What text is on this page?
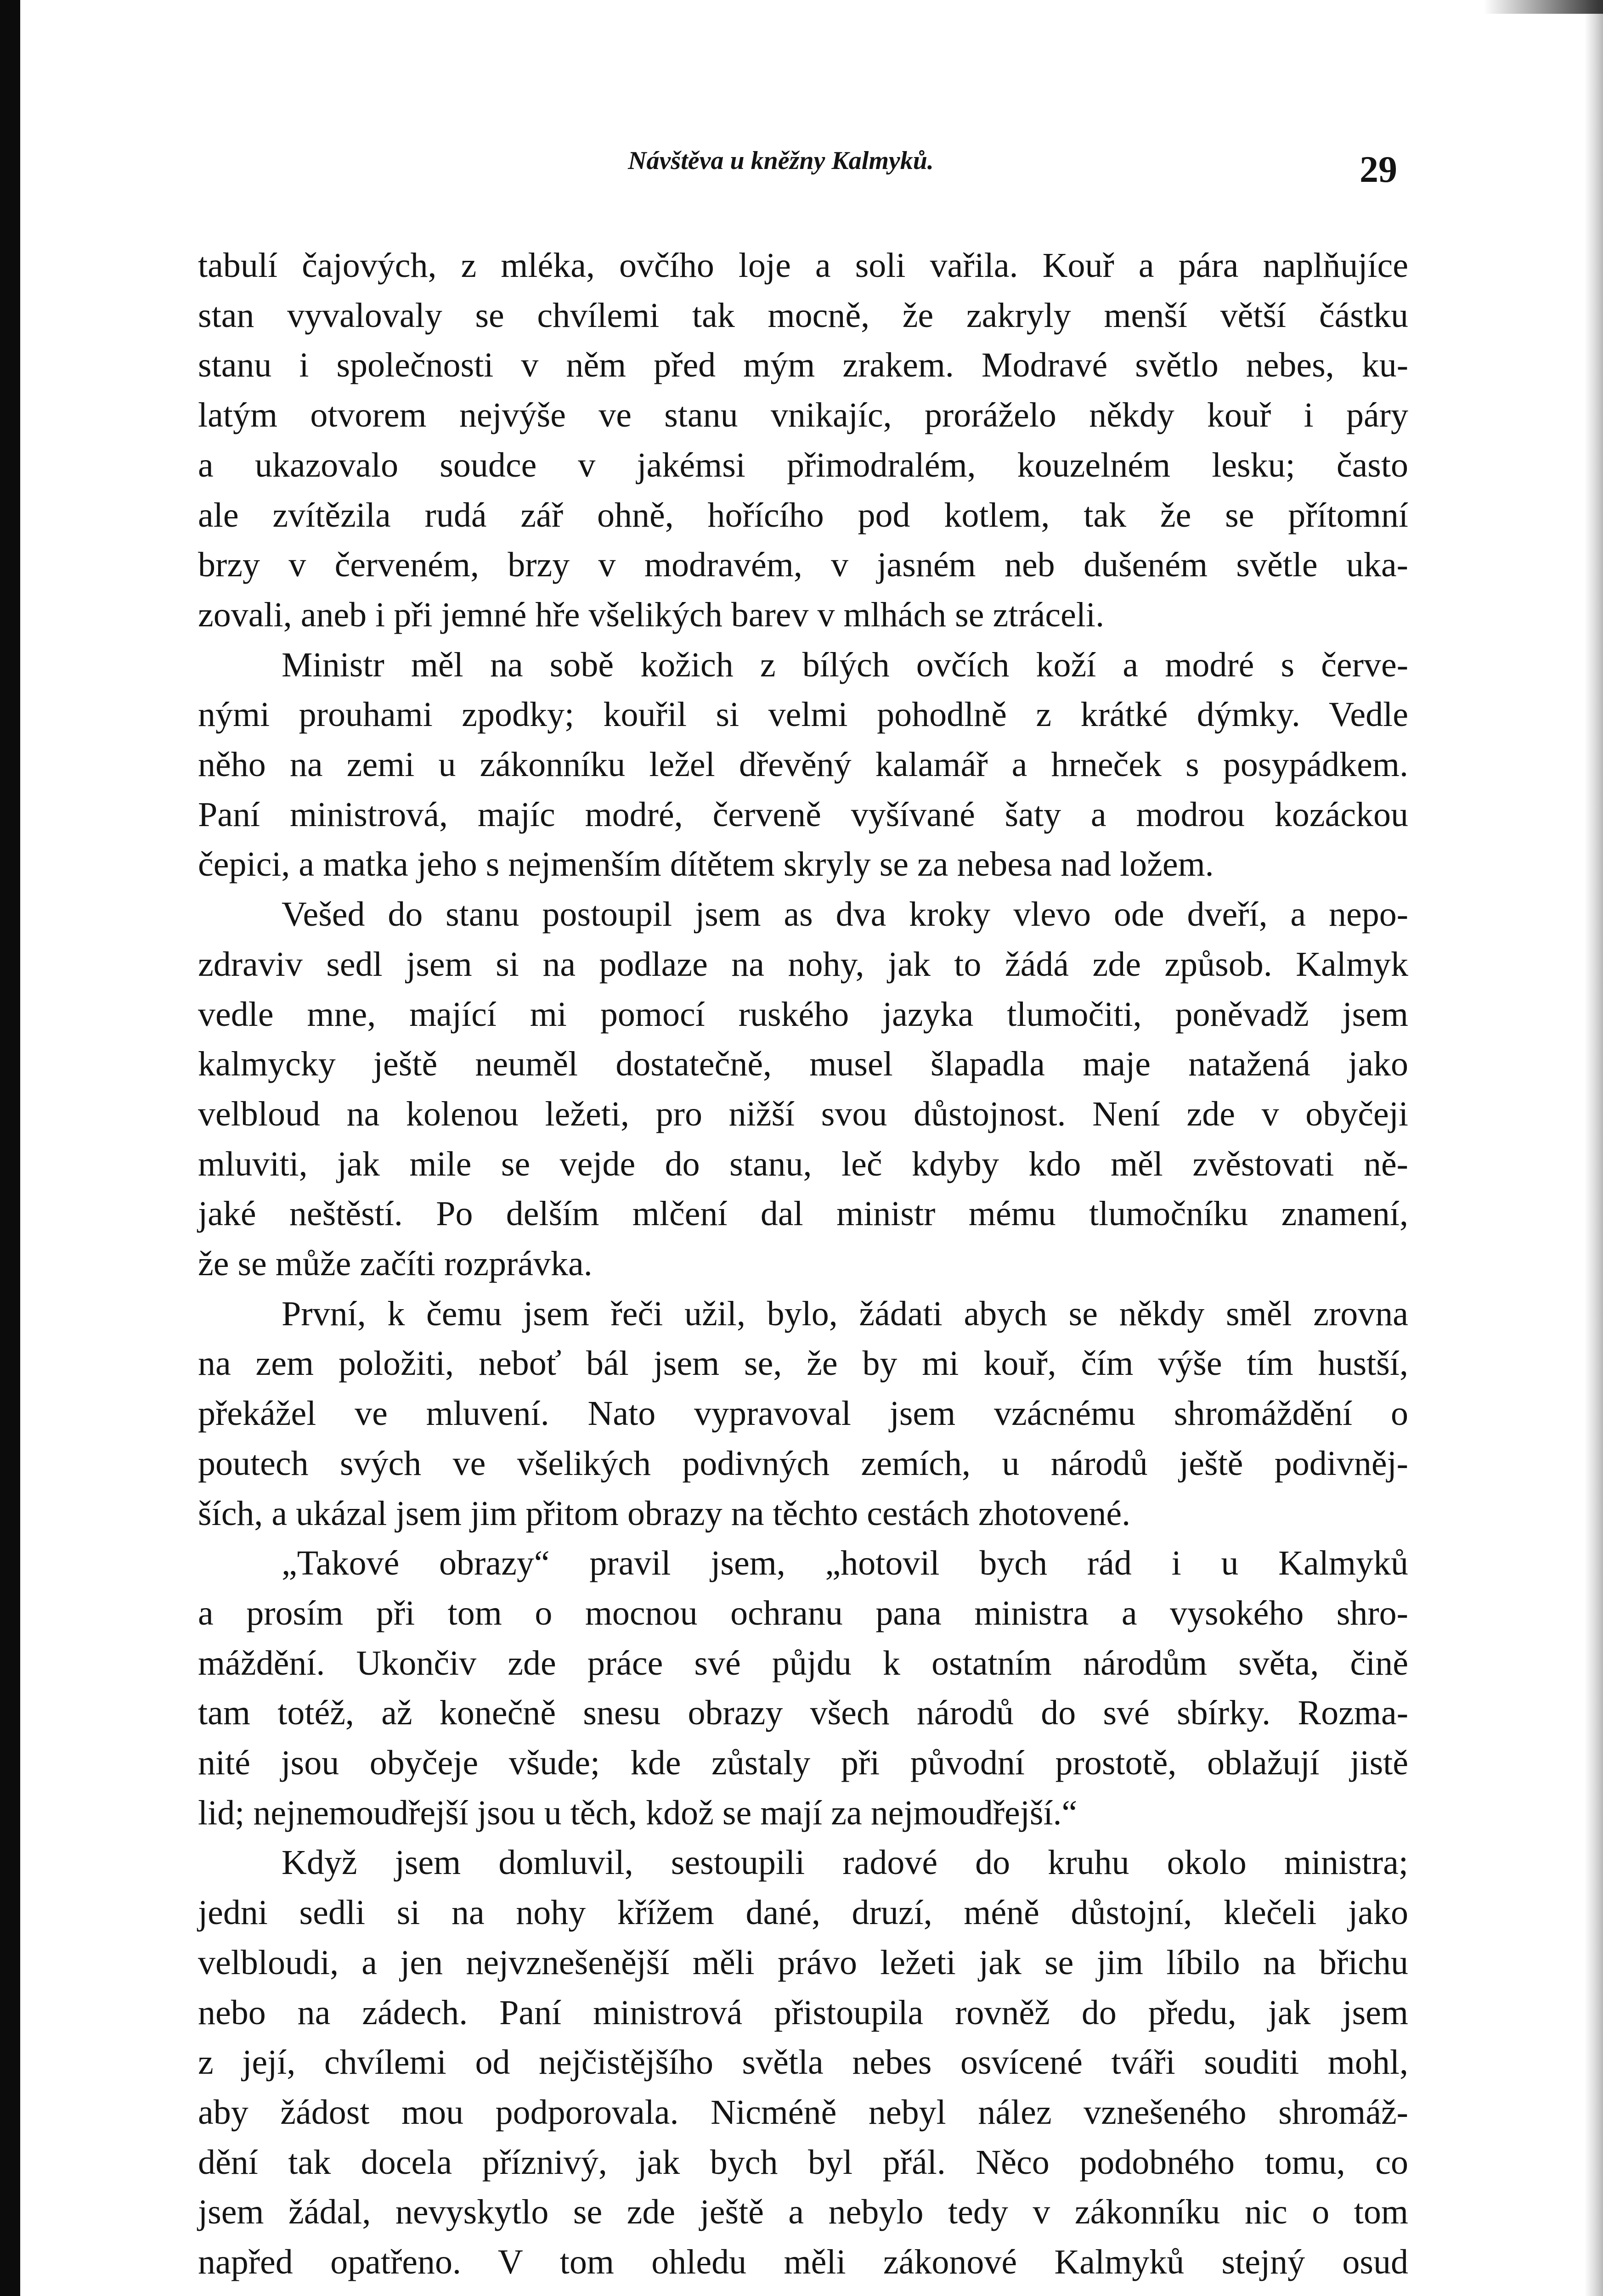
Návštěva u kněžny Kalmyků.	29
tabulí čajových, z mléka, ovčího loje a soli vařila. Kouř a pára naplňujíce
stan vyvalovaly se chvílemi tak mocně, že zakryly menší větší částku
stanu i společnosti v něm před mým zrakem. Modravé světlo nebes, ku-
latým otvorem nejvýše ve stanu vnikajíc, proráželo někdy kouř i páry
a ukazovalo soudce v jakémsi přimodralém, kouzelném lesku; často
ale zvítězila rudá zář ohně, hořícího pod kotlem, tak že se přítomní
brzy v červeném, brzy v modravém, v jasném neb dušeném světle uka-
zovali, aneb i při jemné hře všelikých barev v mlhách se ztráceli.
Ministr měl na sobě kožich z bílých ovčích koží a modré s červe-
nými prouhami zpodky; kouřil si velmi pohodlně z krátké dýmky. Vedle
něho na zemi u zákonníku ležel dřevěný kalamář a hrneček s posypádkem.
Paní ministrová, majíc modré, červeně vyšívané šaty a modrou kozáckou
čepici, a matka jeho s nejmenším dítětem skryly se za nebesa nad ložem.
Vešed do stanu postoupil jsem as dva kroky vlevo ode dveří, a nepo-
zdraviv sedl jsem si na podlaze na nohy, jak to žádá zde způsob. Kalmyk
vedle mne, mající mi pomocí ruského jazyka tlumočiti, poněvadž jsem
kalmycky ještě neuměl dostatečně, musel šlapadla maje natažená jako
velbloud na kolenou ležeti, pro nižší svou důstojnost. Není zde v obyčeji
mluviti, jak mile se vejde do stanu, leč kdyby kdo měl zvěstovati ně-
jaké neštěstí. Po delším mlčení dal ministr mému tlumočníku znamení,
že se může začíti rozprávka.
První, k čemu jsem řeči užil, bylo, žádati abych se někdy směl zrovna
na zem položiti, neboť bál jsem se, že by mi kouř, čím výše tím hustší,
překážel ve mluvení. Nato vypravoval jsem vzácnému shromáždění o
poutech svých ve všelikých podivných zemích, u národů ještě podivněj-
ších, a ukázal jsem jim přitom obrazy na těchto cestách zhotovené.
„Takové obrazy“ pravil jsem, „hotovil bych rád i u Kalmyků
a prosím při tom o mocnou ochranu pana ministra a vysokého shro-
máždění. Ukončiv zde práce své půjdu k ostatním národům světa, čině
tam totéž, až konečně snesu obrazy všech národů do své sbírky. Rozma-
nité jsou obyčeje všude; kde zůstaly při původní prostotě, oblažují jistě
lid; nejnemoudřejší jsou u těch, kdož se mají za nejmoudřejší.“
Když jsem domluvil, sestoupili radové do kruhu okolo ministra;
jedni sedli si na nohy křížem dané, druzí, méně důstojní, klečeli jako
velbloudi, a jen nejvznešenější měli právo ležeti jak se jim líbilo na břichu
nebo na zádech. Paní ministrová přistoupila rovněž do předu, jak jsem
z její, chvílemi od nejčistějšího světla nebes osvícené tváři souditi mohl,
aby žádost mou podporovala. Nicméně nebyl nález vznešeného shromáž-
dění tak docela příznivý, jak bych byl přál. Něco podobného tomu, co
jsem žádal, nevyskytlo se zde ještě a nebylo tedy v zákonníku nic o tom
napřed opatřeno. V tom ohledu měli zákonové Kalmyků stejný osud
